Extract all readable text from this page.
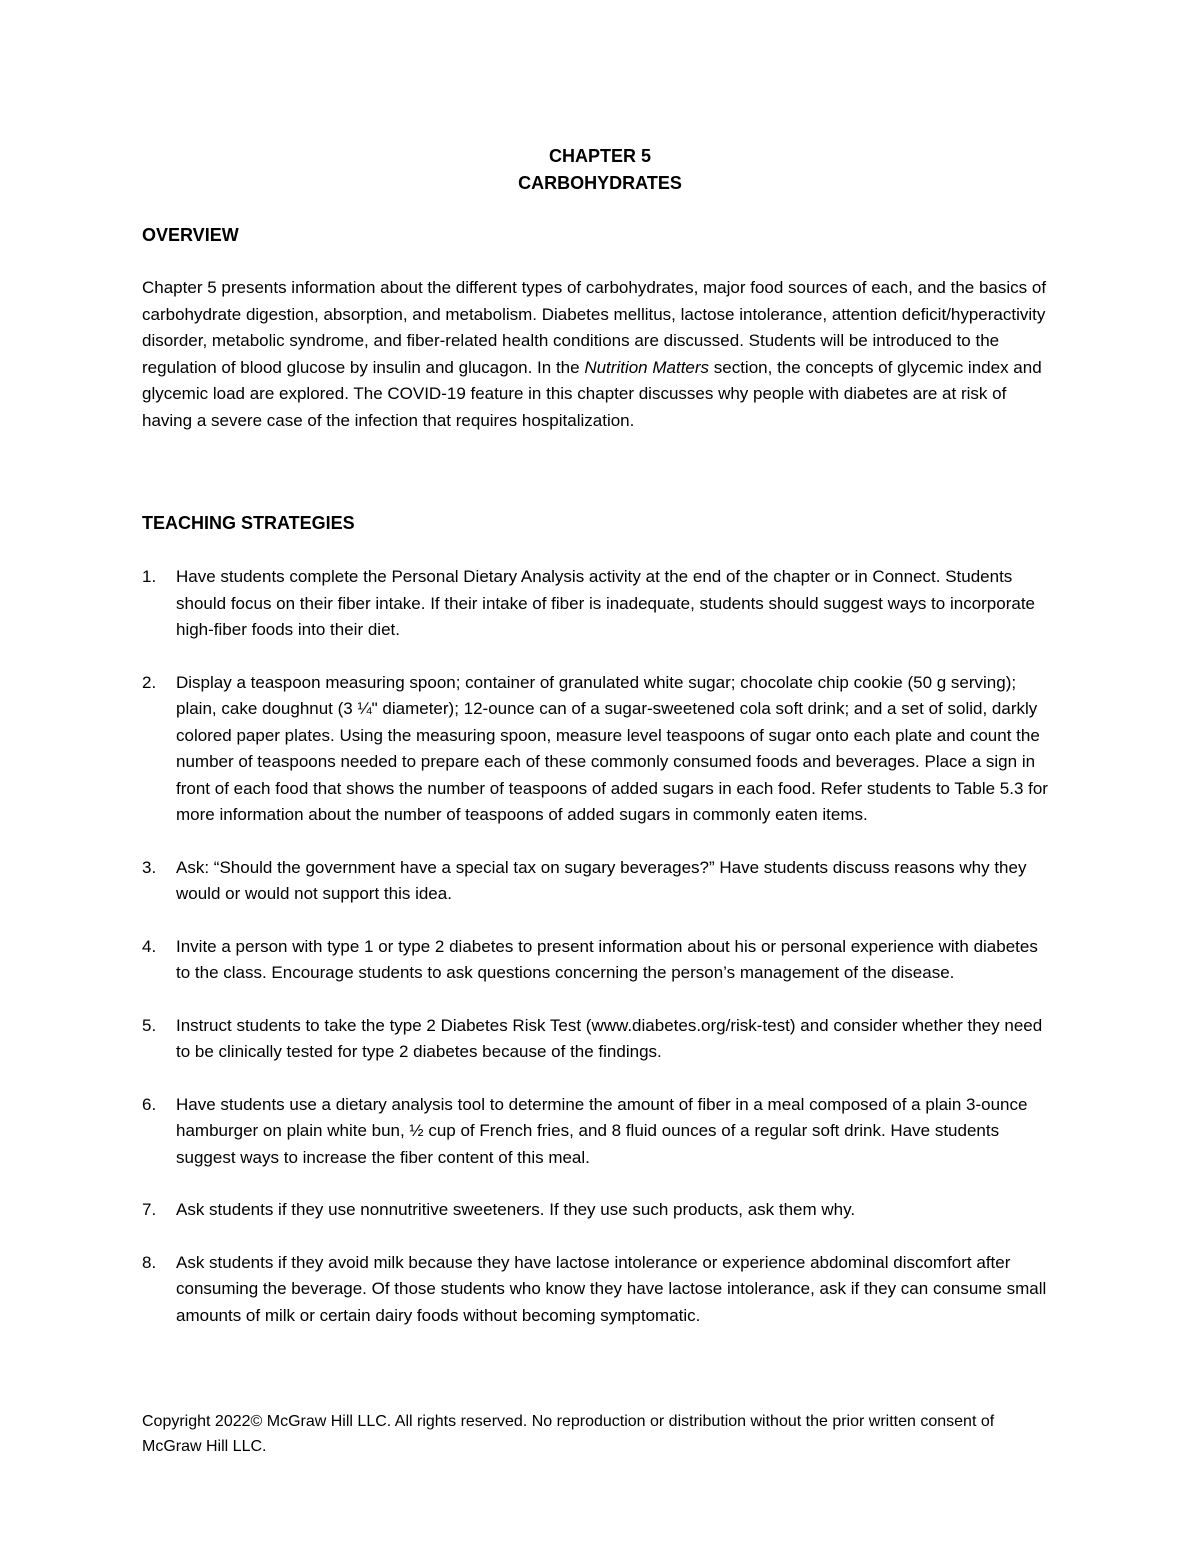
CHAPTER 5
CARBOHYDRATES
OVERVIEW
Chapter 5 presents information about the different types of carbohydrates, major food sources of each, and the basics of carbohydrate digestion, absorption, and metabolism. Diabetes mellitus, lactose intolerance, attention deficit/hyperactivity disorder, metabolic syndrome, and fiber-related health conditions are discussed. Students will be introduced to the regulation of blood glucose by insulin and glucagon. In the Nutrition Matters section, the concepts of glycemic index and glycemic load are explored. The COVID-19 feature in this chapter discusses why people with diabetes are at risk of having a severe case of the infection that requires hospitalization.
TEACHING STRATEGIES
1. Have students complete the Personal Dietary Analysis activity at the end of the chapter or in Connect. Students should focus on their fiber intake. If their intake of fiber is inadequate, students should suggest ways to incorporate high-fiber foods into their diet.
2. Display a teaspoon measuring spoon; container of granulated white sugar; chocolate chip cookie (50 g serving); plain, cake doughnut (3 ¼" diameter); 12-ounce can of a sugar-sweetened cola soft drink; and a set of solid, darkly colored paper plates. Using the measuring spoon, measure level teaspoons of sugar onto each plate and count the number of teaspoons needed to prepare each of these commonly consumed foods and beverages. Place a sign in front of each food that shows the number of teaspoons of added sugars in each food. Refer students to Table 5.3 for more information about the number of teaspoons of added sugars in commonly eaten items.
3. Ask: “Should the government have a special tax on sugary beverages?” Have students discuss reasons why they would or would not support this idea.
4. Invite a person with type 1 or type 2 diabetes to present information about his or personal experience with diabetes to the class. Encourage students to ask questions concerning the person’s management of the disease.
5. Instruct students to take the type 2 Diabetes Risk Test (www.diabetes.org/risk-test) and consider whether they need to be clinically tested for type 2 diabetes because of the findings.
6. Have students use a dietary analysis tool to determine the amount of fiber in a meal composed of a plain 3-ounce hamburger on plain white bun, ½ cup of French fries, and 8 fluid ounces of a regular soft drink. Have students suggest ways to increase the fiber content of this meal.
7. Ask students if they use nonnutritive sweeteners. If they use such products, ask them why.
8. Ask students if they avoid milk because they have lactose intolerance or experience abdominal discomfort after consuming the beverage. Of those students who know they have lactose intolerance, ask if they can consume small amounts of milk or certain dairy foods without becoming symptomatic.
Copyright 2022© McGraw Hill LLC. All rights reserved. No reproduction or distribution without the prior written consent of McGraw Hill LLC.
